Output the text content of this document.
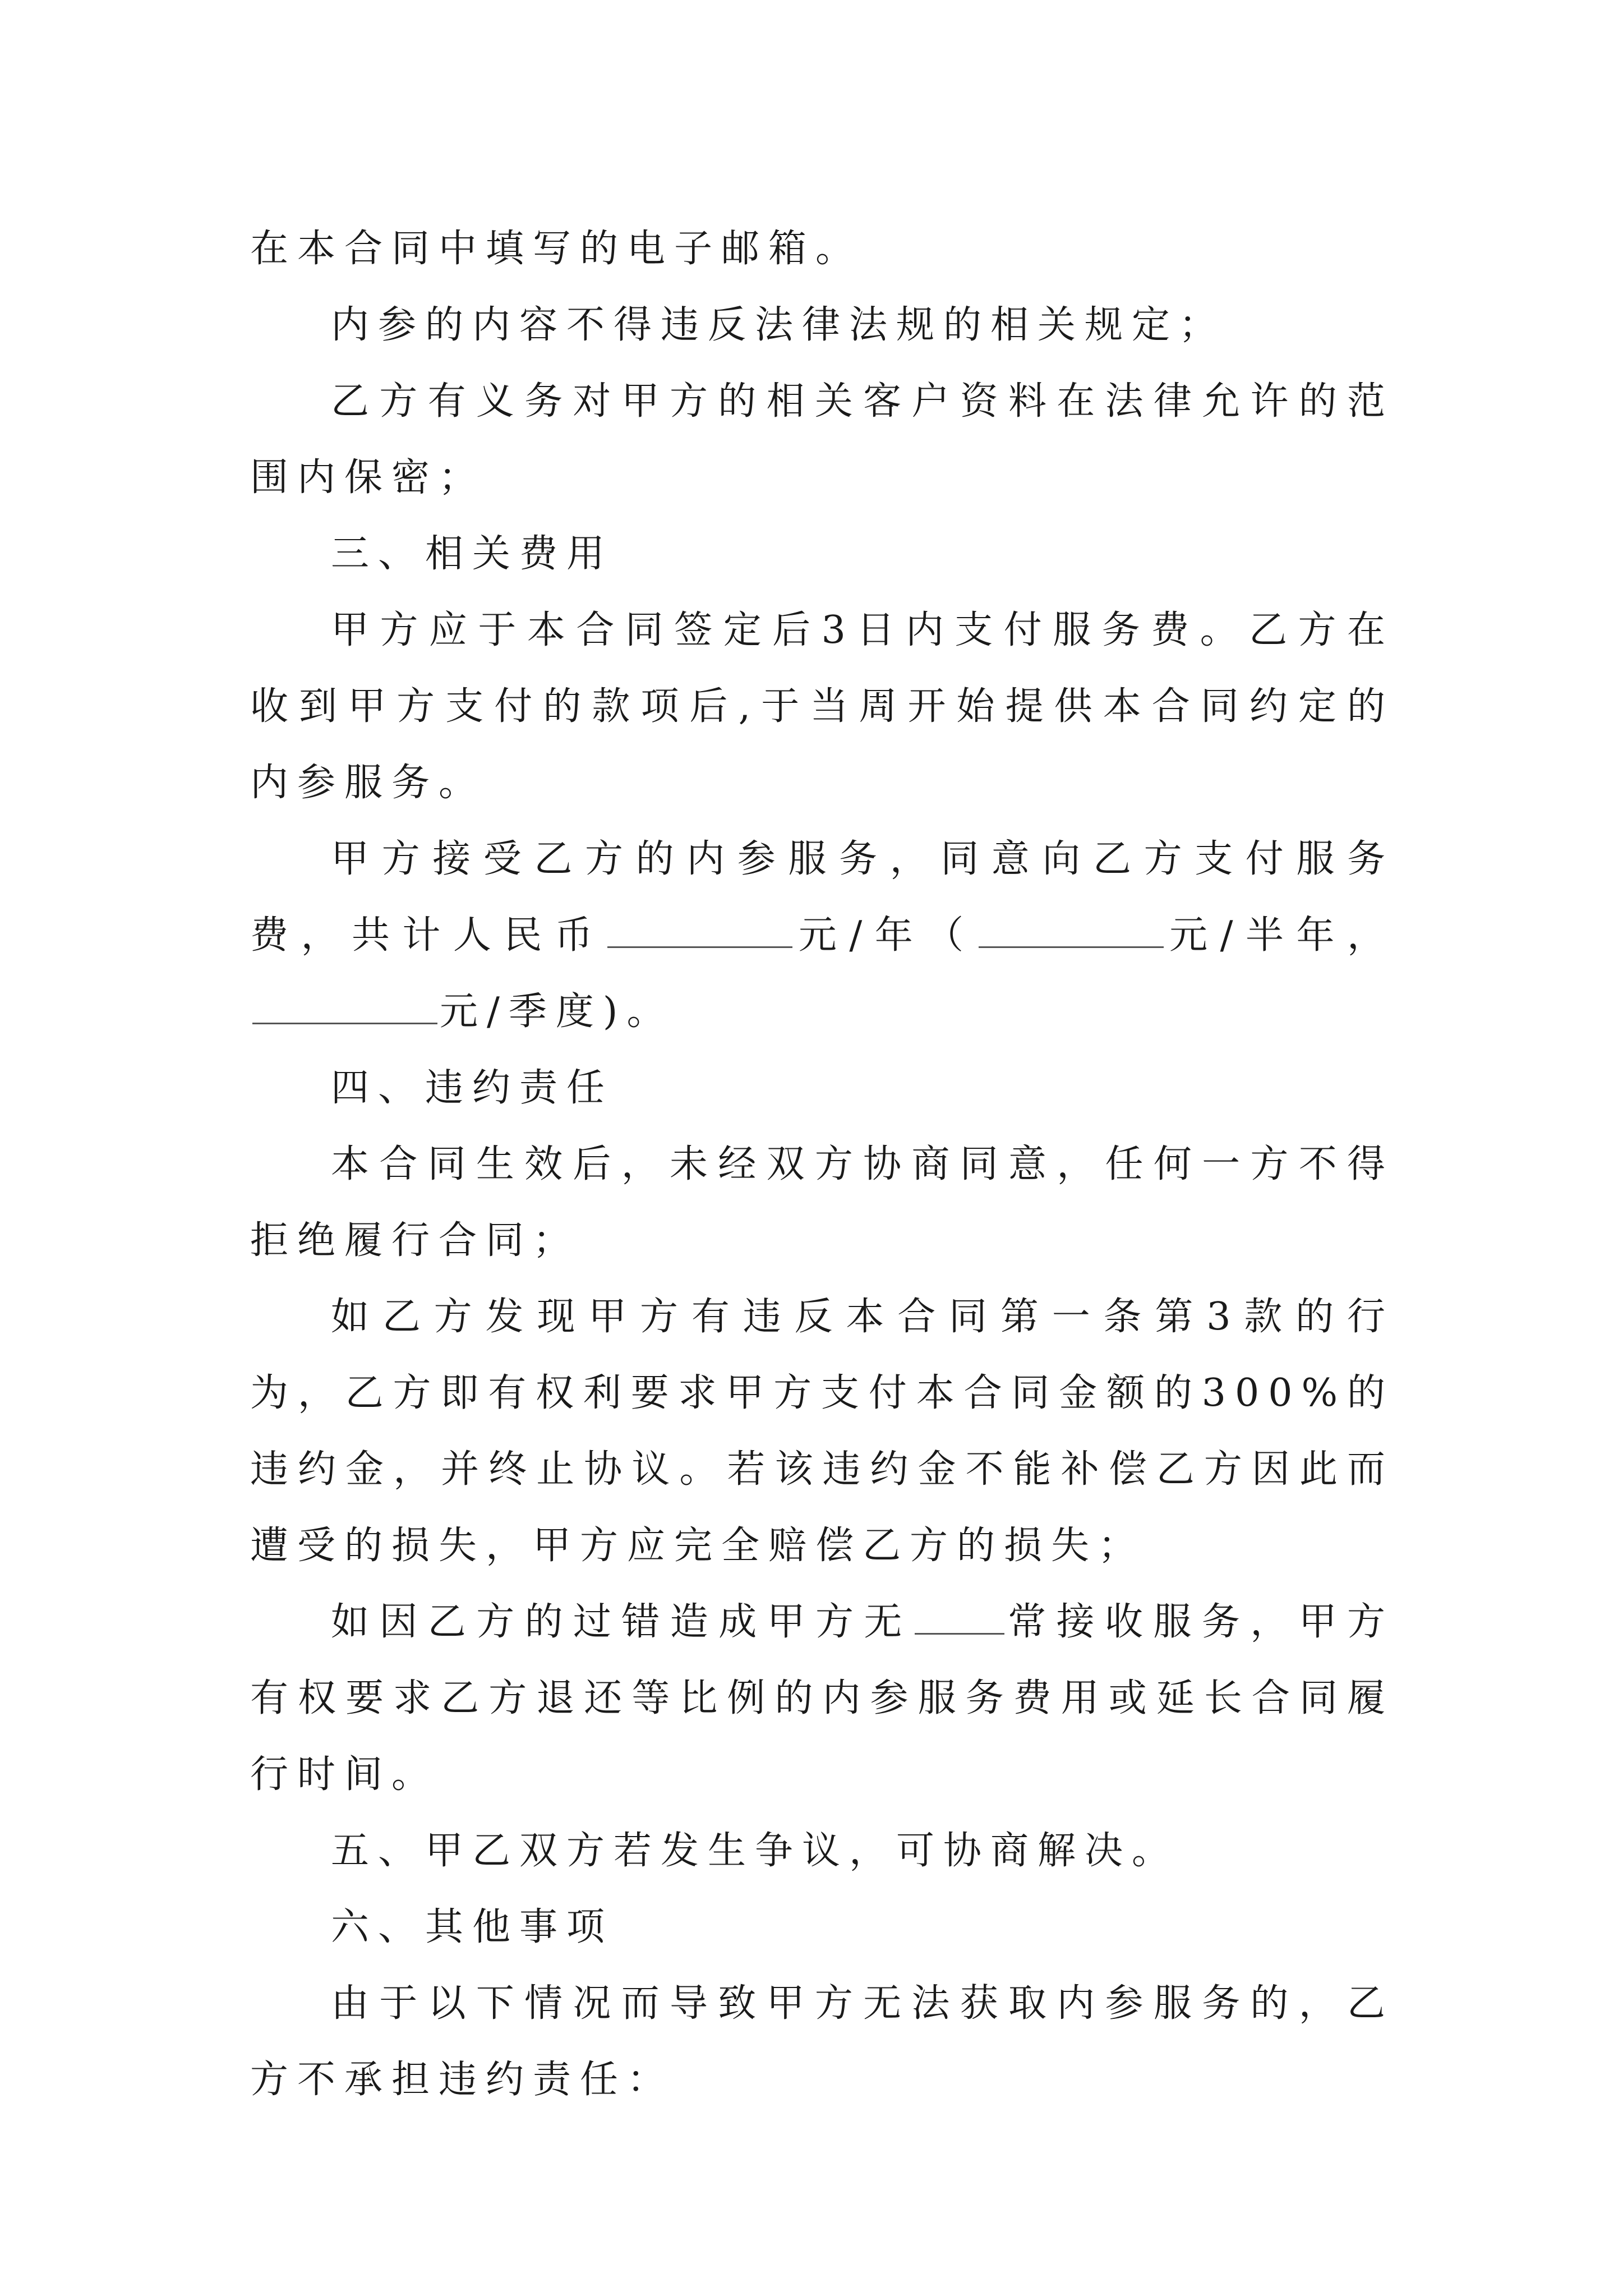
在本合同中填写的电子邮箱。

内参的内容不得违反法律法规的相关规定；

乙方有义务对甲方的相关客户资料在法律允许的范围内保密；

三、相关费用

甲方应于本合同签定后3日内支付服务费。乙方在收到甲方支付的款项后,于当周开始提供本合同约定的内参服务。

甲方接受乙方的内参服务，同意向乙方支付服务费，共计人民币	元/年（	元/半年，元/季度)。

四、违约责任

本合同生效后，未经双方协商同意，任何一方不得拒绝履行合同；

如乙方发现甲方有违反本合同第一条第3款的行为，乙方即有权利要求甲方支付本合同金额的300%的违约金，并终止协议。若该违约金不能补偿乙方因此而遭受的损失，甲方应完全赔偿乙方的损失；

如因乙方的过错造成甲方无 常接收服务，甲方有权要求乙方退还等比例的内参服务费用或延长合同履行时间。

五、甲乙双方若发生争议，可协商解决。

六、其他事项

由于以下情况而导致甲方无法获取内参服务的，乙方不承担违约责任：
